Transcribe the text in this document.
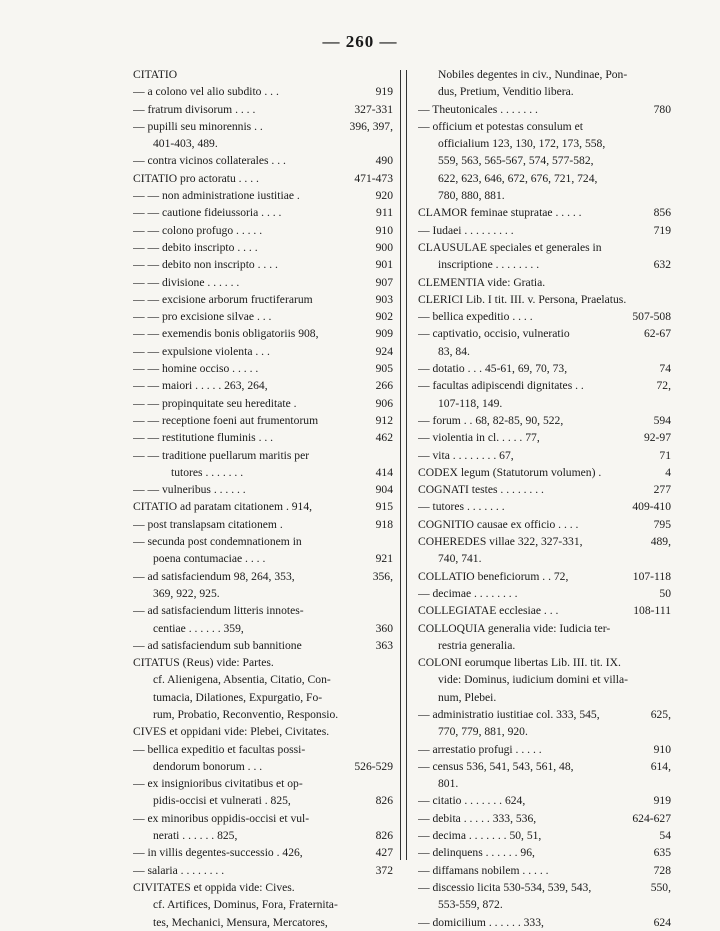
— 260 —
CITATIO
— a colono vel alio subdito . . .	919
— fratrum divisorum . . . .	327-331
— pupilli seu minorennis . .	396, 397,
401-403, 489.
— contra vicinos collaterales . . .	490
CITATIO pro actoratu . . . .	471-473
— — non administratione iustitiae .	920
— — cautione fideiussoria . . . .	911
— — colono profugo . . . . .	910
— — debito inscripto . . . .	900
— — debito non inscripto . . . .	901
— — divisione . . . . . .	907
— — excisione arborum fructiferarum	903
— — pro excisione silvae . . .	902
— — exemendis bonis obligatoriis 908,	909
— — expulsione violenta . . .	924
— — homine occiso . . . . .	905
— — maiori . . . . . 263, 264,	266
— — propinquitate seu hereditate .	906
— — receptione foeni aut frumentorum	912
— — restitutione fluminis . . .	462
— — traditione puellarum maritis per
tutores . . . . . . .	414
— — vulneribus . . . . . .	904
CITATIO ad paratam citationem . 914,	915
— post translapsam citationem .	918
— secunda post condemnationem in
poena contumaciae . . . .	921
— ad satisfaciendum 98, 264, 353,	356,
369, 922, 925.
— ad satisfaciendum litteris innotes-
centiae . . . . . . 359,	360
— ad satisfaciendum sub bannitione	363
CITATUS (Reus) vide: Partes.
cf. Alienigena, Absentia, Citatio, Con-
tumacia, Dilationes, Expurgatio, Fo-
rum, Probatio, Reconventio, Responsio.
CIVES et oppidani vide: Plebei, Civitates.
— bellica expeditio et facultas possi-
dendorum bonorum . . .	526-529
— ex insignioribus civitatibus et op-
pidis-occisi et vulnerati . 825,	826
— ex minoribus oppidis-occisi et vul-
nerati . . . . . . 825,	826
— in villis degentes-successio . 426,	427
— salaria . . . . . . . .	372
CIVITATES et oppida vide: Cives.
cf. Artifices, Dominus, Fora, Fraternita-
tes, Mechanici, Mensura, Mercatores,
Nobiles degentes in civ., Nundinae, Pon-
dus, Pretium, Venditio libera.
— Theutonicales . . . . . . .	780
— officium et potestas consulum et
officialium 123, 130, 172, 173, 558,
559, 563, 565-567, 574, 577-582,
622, 623, 646, 672, 676, 721, 724,
780, 880, 881.
CLAMOR feminae stupratae . . . . .	856
— Iudaei . . . . . . . . .	719
CLAUSULAE speciales et generales in
inscriptione . . . . . . . .	632
CLEMENTIA vide: Gratia.
CLERICI Lib. I tit. III. v. Persona, Praelatus.
— bellica expeditio . . . .	507-508
— captivatio, occisio, vulneratio	62-67
83, 84.
— dotatio . . . 45-61, 69, 70, 73,	74
— facultas adipiscendi dignitates . .	72,
107-118, 149.
— forum . . 68, 82-85, 90, 522,	594
— violentia in cl. . . . . 77,	92-97
— vita . . . . . . . . 67,	71
CODEX legum (Statutorum volumen) .	4
COGNATI testes . . . . . . . .	277
— tutores . . . . . . .	409-410
COGNITIO causae ex officio . . . .	795
COHEREDES villae 322, 327-331,	489,
740, 741.
COLLATIO beneficiorum . . 72,	107-118
— decimae . . . . . . . .	50
COLLEGIATAE ecclesiae . . .	108-111
COLLOQUIA generalia vide: Iudicia ter-
restria generalia.
COLONI eorumque libertas Lib. III. tit. IX.
vide: Dominus, iudicium domini et villa-
num, Plebei.
— administratio iustitiae col. 333, 545,	625,
770, 779, 881, 920.
— arrestatio profugi . . . . .	910
— census 536, 541, 543, 561, 48,	614,
801.
— citatio . . . . . . . 624,	919
— debita . . . . . 333, 536,	624-627
— decima . . . . . . . 50, 51,	54
— delinquens . . . . . . 96,	635
— diffamans nobilem . . . . .	728
— discessio licita 530-534, 539, 543,	550,
553-559, 872.
— domicilium . . . . . . 333,	624
